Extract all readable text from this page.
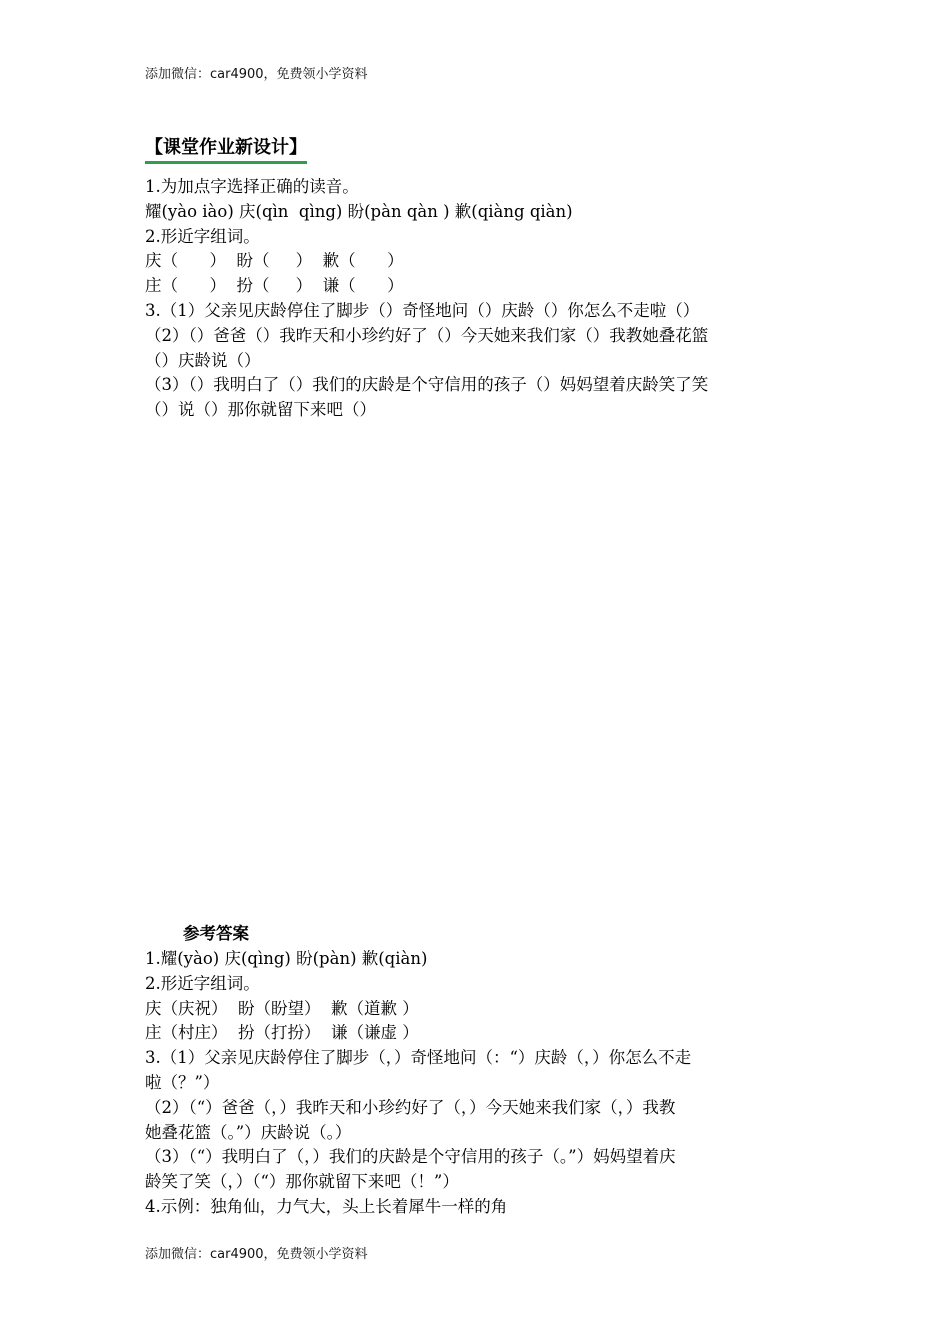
添加微信：car4900，免费领小学资料
【课堂作业新设计】
1.为加点字选择正确的读音。
耀(yào iào) 庆(qìn  qìng) 盼(pàn qàn ) 歉(qiàng qiàn)
2.形近字组词。
庆（      ）  盼（     ）  歉（      ）
庄（      ）  扮（     ）  谦（      ）
3.（1）父亲见庆龄停住了脚步（）奇怪地问（）庆龄（）你怎么不走啦（）
（2）（）爸爸（）我昨天和小珍约好了（）今天她来我们家（）我教她叠花篮
（）庆龄说（）
（3）（）我明白了（）我们的庆龄是个守信用的孩子（）妈妈望着庆龄笑了笑
（）说（）那你就留下来吧（）
参考答案
1.耀(yào) 庆(qìng) 盼(pàn) 歉(qiàn)
2.形近字组词。
庆（庆祝）  盼（盼望）  歉（道歉 ）
庄（村庄）  扮（打扮）  谦（谦虚 ）
3.（1）父亲见庆龄停住了脚步（，）奇怪地问（：“）庆龄（，）你怎么不走
啦（？”）
（2）（“）爸爸（，）我昨天和小珍约好了（，）今天她来我们家（，）我教
她叠花篮（。”）庆龄说（。）
（3）（“）我明白了（，）我们的庆龄是个守信用的孩子（。”）妈妈望着庆
龄笑了笑（，）（“）那你就留下来吧（！”）
4.示例：独角仙，力气大，头上长着犀牛一样的角
添加微信：car4900，免费领小学资料
